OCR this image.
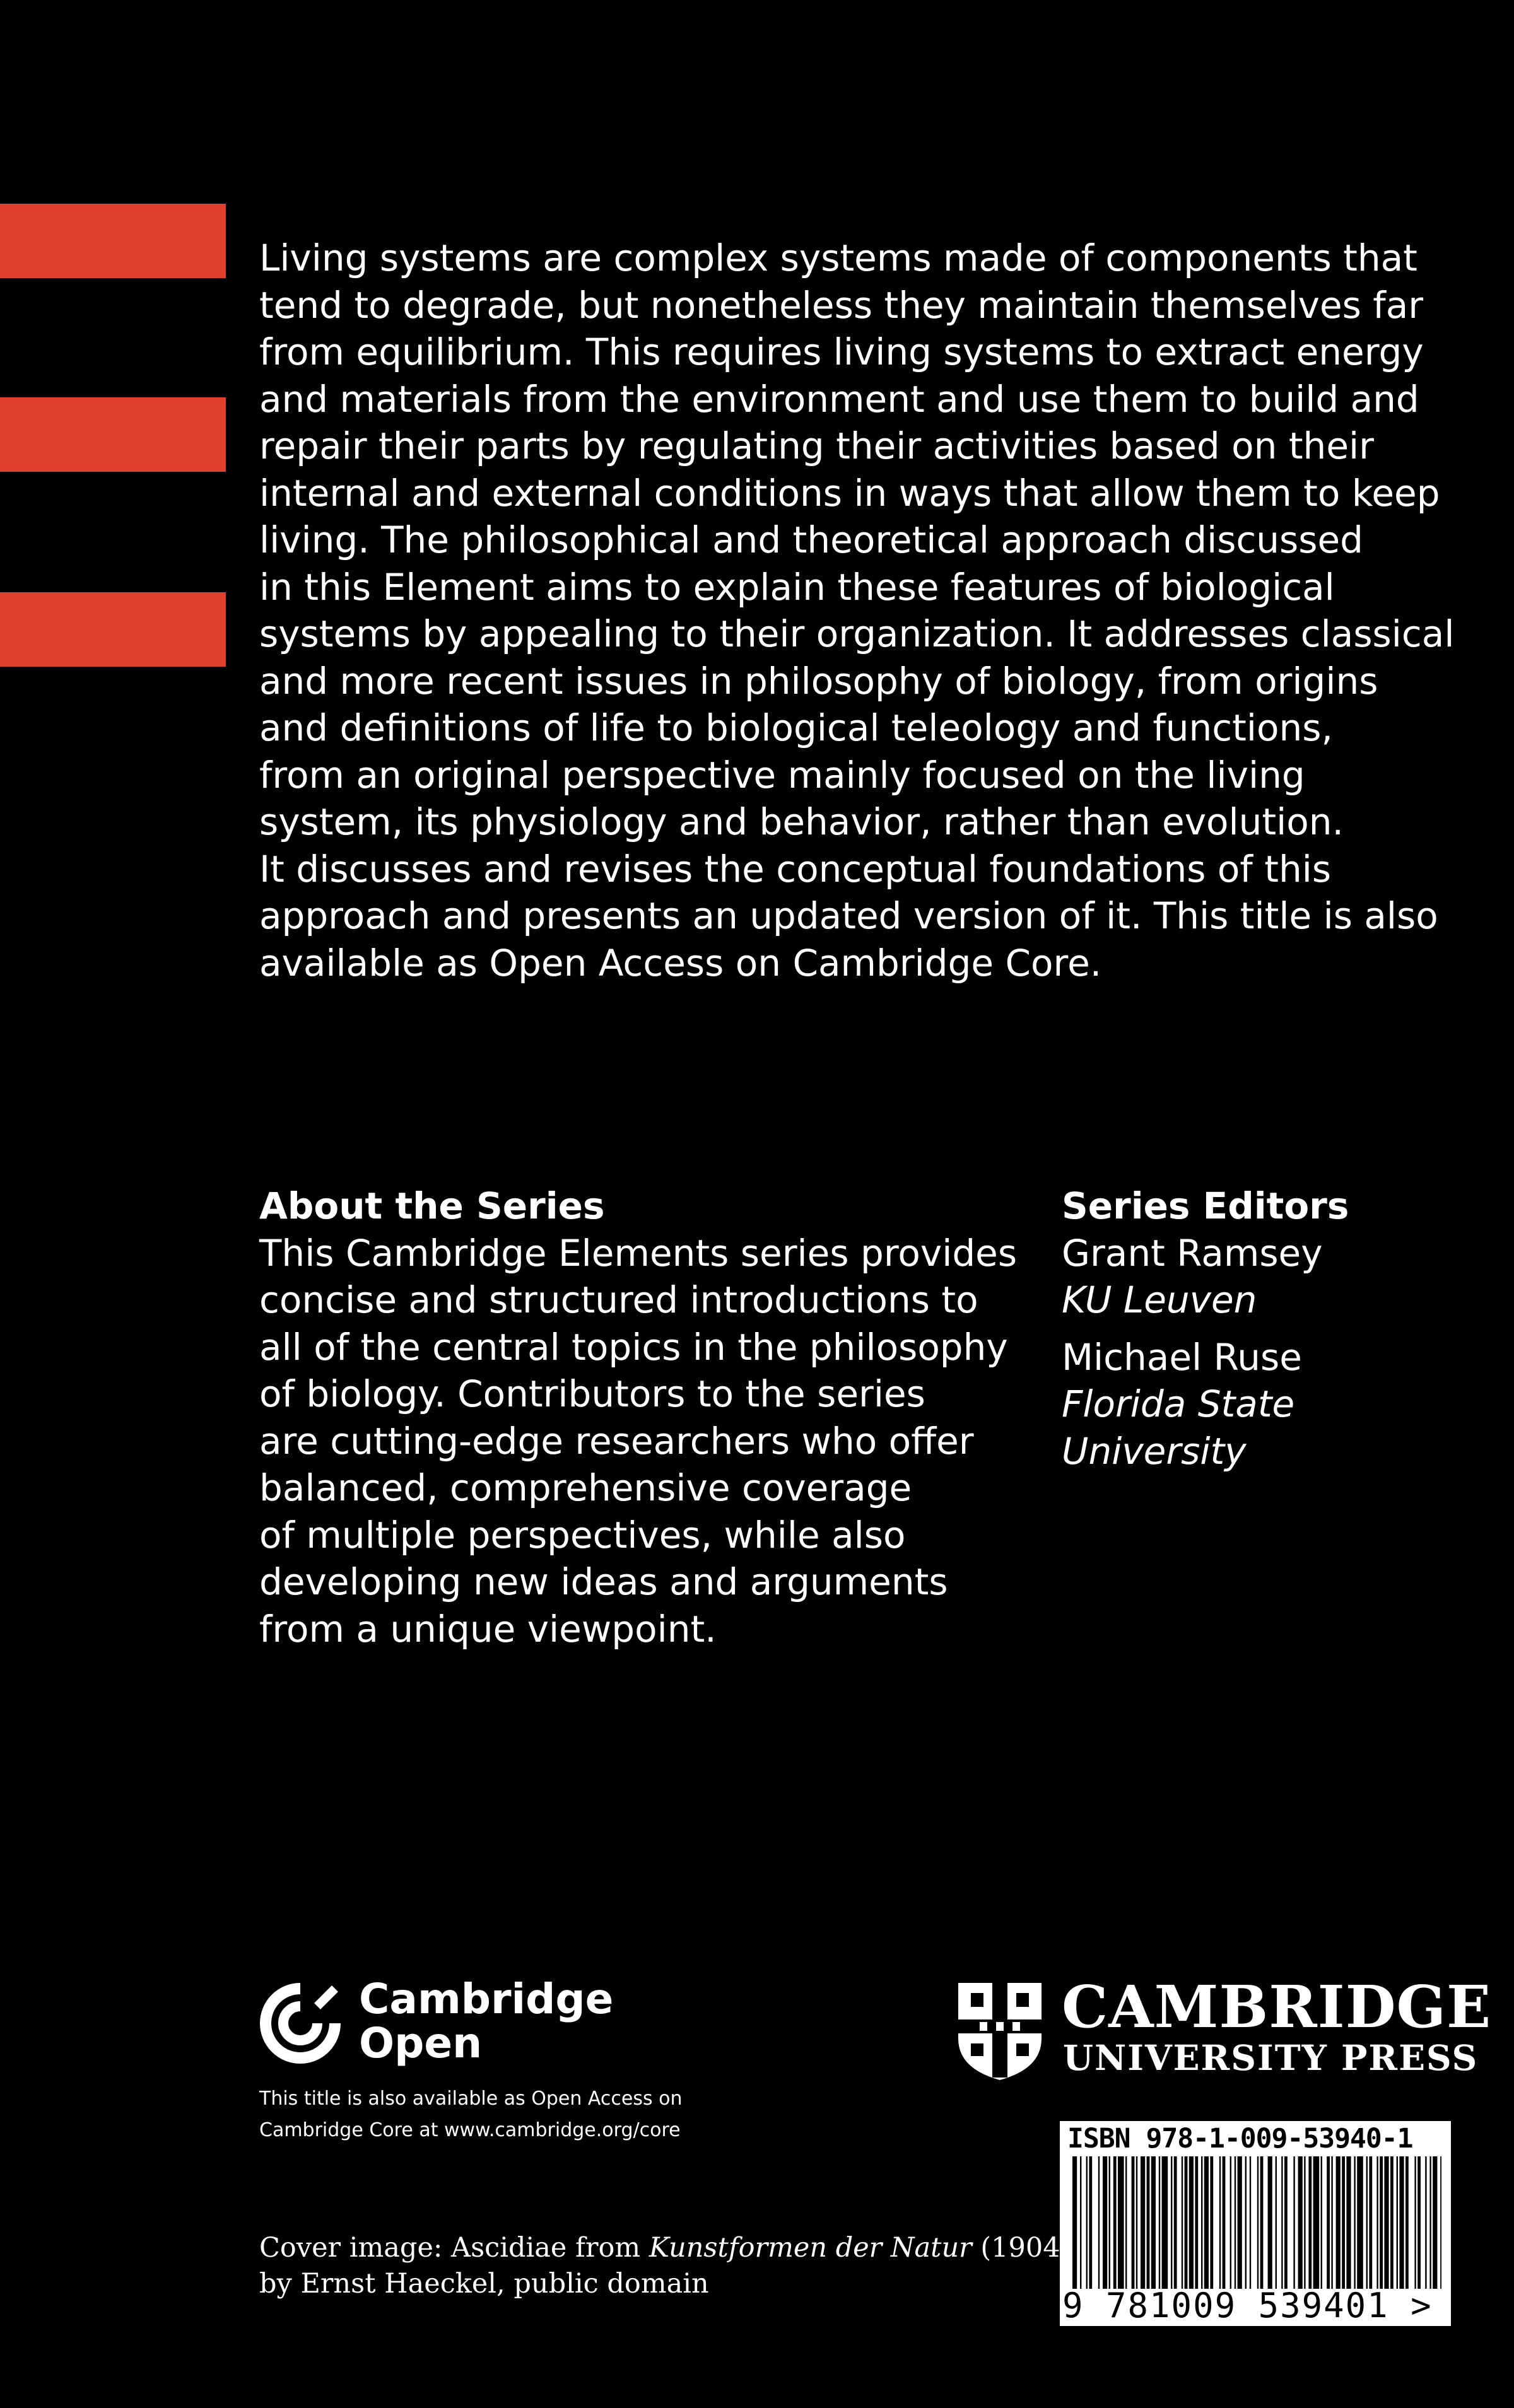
Living systems are complex systems made of components that
tend to degrade, but nonetheless they maintain themselves far
from equilibrium. This requires living systems to extract energy
and materials from the environment and use them to build and
repair their parts by regulating their activities based on their
internal and external conditions in ways that allow them to keep
living. The philosophical and theoretical approach discussed
in this Element aims to explain these features of biological
systems by appealing to their organization. It addresses classical
and more recent issues in philosophy of biology, from origins
and definitions of life to biological teleology and functions,
from an original perspective mainly focused on the living
system, its physiology and behavior, rather than evolution.
It discusses and revises the conceptual foundations of this
approach and presents an updated version of it. This title is also
available as Open Access on Cambridge Core.

About the Series
This Cambridge Elements series provides
concise and structured introductions to
all of the central topics in the philosophy
of biology. Contributors to the series
are cutting-edge researchers who offer
balanced, comprehensive coverage
of multiple perspectives, while also
developing new ideas and arguments
from a unique viewpoint.
Series Editors
Grant Ramsey
KU Leuven
Michael Ruse
Florida State
University
Cambridge
Open
This title is also available as Open Access on
Cambridge Core at www.cambridge.org/core
CAMBRIDGE
UNIVERSITY PRESS
ISBN 978-1-009-53940-1
9 781009 539401 >
Cover image: Ascidiae from Kunstformen der Natur (1904)
by Ernst Haeckel, public domain
